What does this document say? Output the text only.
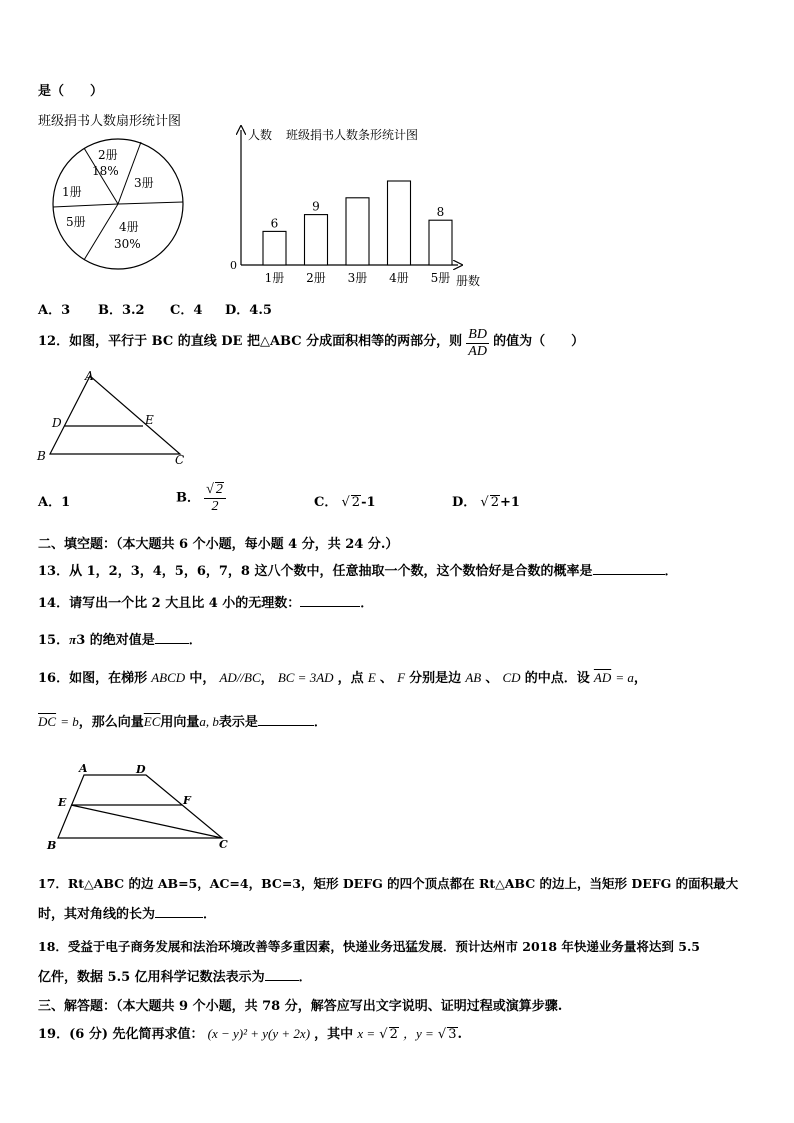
是（　　）
班级捐书人数扇形统计图
2册
18%
3册
1册
5册	4册
30%
人数 班级捐书人数条形统计图
0
册数
6
1册
9
2册 3册 4册
8
5册
A．3 B．3.2 C．4 D．4.5
12．如图，平行于 BC 的直线 DE 把△ABC 分成面积相等的两部分，则 $\frac{BD}{AD}$ 的值为（　　）
A
D	E
B	C
A．1	B． $\frac{√ 2}{2}$	C． √ 2-1	D． √ 2+1
二、填空题：（本大题共 6 个小题，每小题 4 分，共 24 分.）
13．从 1，2，3，4，5，6，7，8 这八个数中，任意抽取一个数，这个数恰好是合数的概率是	．
14．请写出一个比 2 大且比 4 小的无理数：	．
15．π3 的绝对值是	．
16．如图，在梯形 ABCD 中， AD//BC， BC = 3AD ，点 E 、 F 分别是边 AB 、 CD 的中点．设 $\overline{AD} = a$，
$\overline{DC} = b$，那么向量$\overline{EC}$用向量a, b表示是	．
A	D
E	F
B	C
17．Rt△ABC 的边 AB=5，AC=4，BC=3，矩形 DEFG 的四个顶点都在 Rt△ABC 的边上，当矩形 DEFG 的面积最大
时，其对角线的长为	．
18．受益于电子商务发展和法治环境改善等多重因素，快递业务迅猛发展．预计达州市 2018 年快递业务量将达到 5.5
亿件，数据 5.5 亿用科学记数法表示为	．
三、解答题：（本大题共 9 个小题，共 78 分，解答应写出文字说明、证明过程或演算步骤.
19．(6 分) 先化简再求值： (x − y)² + y(y + 2x) ，其中 x = √ 2 ，y = √ 3.
